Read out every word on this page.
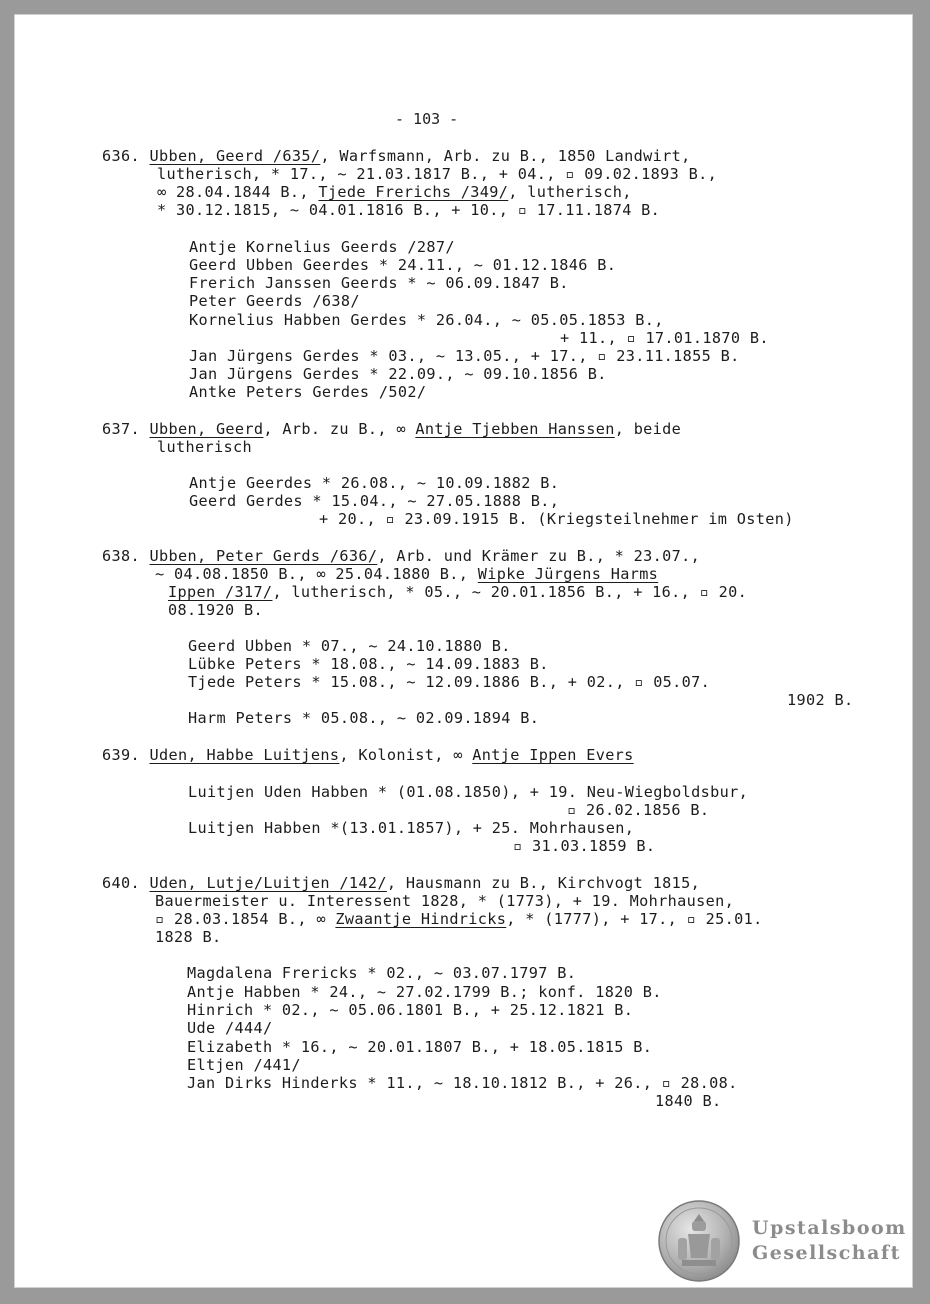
- 103 -
636. Ubben, Geerd /635/, Warfsmann, Arb. zu B., 1850 Landwirt,
lutherisch, * 17., ~ 21.03.1817 B., + 04., ▫ 09.02.1893 B.,
∞ 28.04.1844 B., Tjede Frerichs /349/, lutherisch,
* 30.12.1815, ~ 04.01.1816 B., + 10., ▫ 17.11.1874 B.
Antje Kornelius Geerds /287/
Geerd Ubben Geerdes * 24.11., ~ 01.12.1846 B.
Frerich Janssen Geerds * ~ 06.09.1847 B.
Peter Geerds /638/
Kornelius Habben Gerdes * 26.04., ~ 05.05.1853 B.,
+ 11., ▫ 17.01.1870 B.
Jan Jürgens Gerdes * 03., ~ 13.05., + 17., ▫ 23.11.1855 B.
Jan Jürgens Gerdes * 22.09., ~ 09.10.1856 B.
Antke Peters Gerdes /502/
637. Ubben, Geerd, Arb. zu B., ∞ Antje Tjebben Hanssen, beide
lutherisch
Antje Geerdes * 26.08., ~ 10.09.1882 B.
Geerd Gerdes * 15.04., ~ 27.05.1888 B.,
+ 20., ▫ 23.09.1915 B. (Kriegsteilnehmer im Osten)
638. Ubben, Peter Gerds /636/, Arb. und Krämer zu B., * 23.07.,
~ 04.08.1850 B., ∞ 25.04.1880 B., Wipke Jürgens Harms
Ippen /317/, lutherisch, * 05., ~ 20.01.1856 B., + 16., ▫ 20.
08.1920 B.
Geerd Ubben * 07., ~ 24.10.1880 B.
Lübke Peters * 18.08., ~ 14.09.1883 B.
Tjede Peters * 15.08., ~ 12.09.1886 B., + 02., ▫ 05.07.
1902 B.
Harm Peters * 05.08., ~ 02.09.1894 B.
639. Uden, Habbe Luitjens, Kolonist, ∞ Antje Ippen Evers
Luitjen Uden Habben * (01.08.1850), + 19. Neu-Wiegboldsbur,
▫ 26.02.1856 B.
Luitjen Habben *(13.01.1857), + 25. Mohrhausen,
▫ 31.03.1859 B.
640. Uden, Lutje/Luitjen /142/, Hausmann zu B., Kirchvogt 1815,
Bauermeister u. Interessent 1828, * (1773), + 19. Mohrhausen,
▫ 28.03.1854 B., ∞ Zwaantje Hindricks, * (1777), + 17., ▫ 25.01.
1828 B.
Magdalena Frericks * 02., ~ 03.07.1797 B.
Antje Habben * 24., ~ 27.02.1799 B.; konf. 1820 B.
Hinrich * 02., ~ 05.06.1801 B., + 25.12.1821 B.
Ude /444/
Elizabeth * 16., ~ 20.01.1807 B., + 18.05.1815 B.
Eltjen /441/
Jan Dirks Hinderks * 11., ~ 18.10.1812 B., + 26., ▫ 28.08.
1840 B.
Upstalsboom
Gesellschaft
